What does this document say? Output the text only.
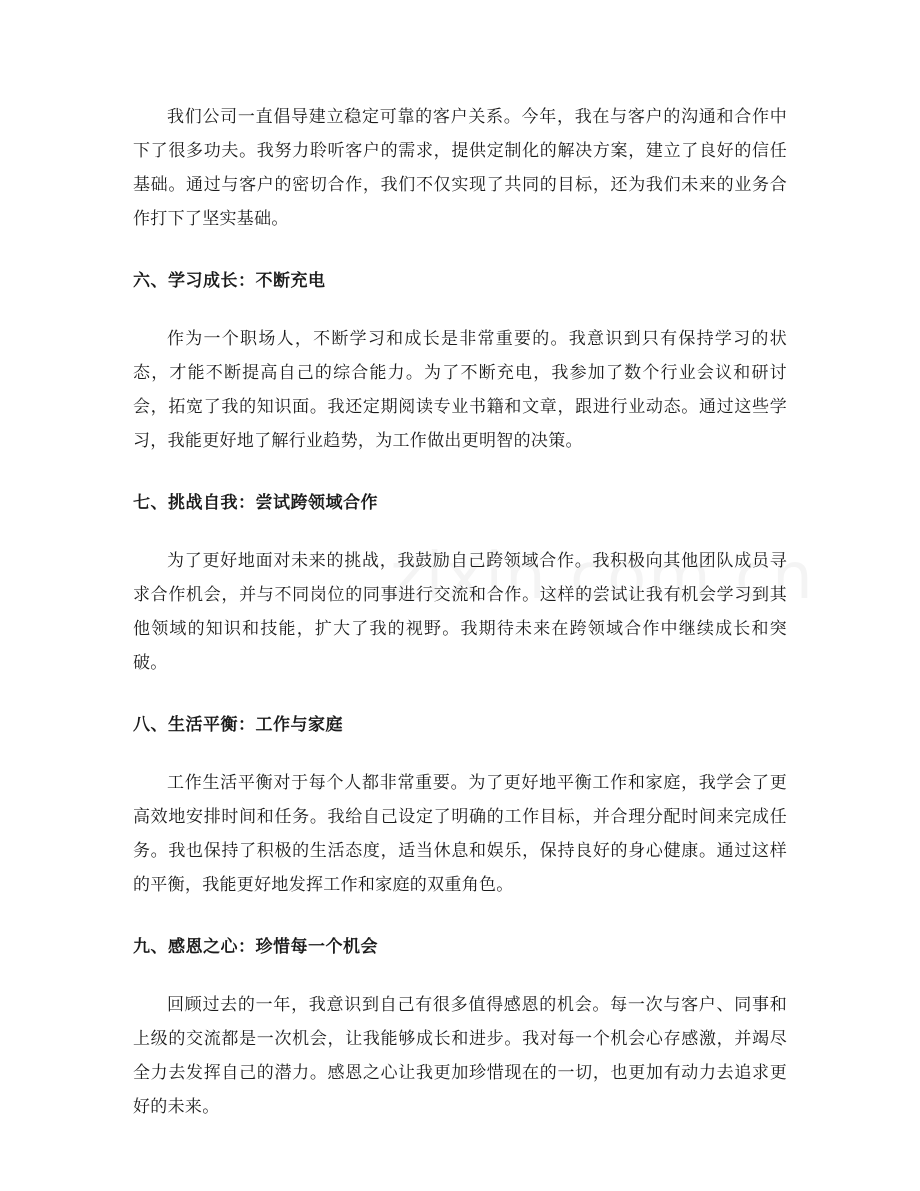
我们公司一直倡导建立稳定可靠的客户关系。今年，我在与客户的沟通和合作中下了很多功夫。我努力聆听客户的需求，提供定制化的解决方案，建立了良好的信任基础。通过与客户的密切合作，我们不仅实现了共同的目标，还为我们未来的业务合作打下了坚实基础。

六、学习成长：不断充电

作为一个职场人，不断学习和成长是非常重要的。我意识到只有保持学习的状态，才能不断提高自己的综合能力。为了不断充电，我参加了数个行业会议和研讨会，拓宽了我的知识面。我还定期阅读专业书籍和文章，跟进行业动态。通过这些学习，我能更好地了解行业趋势，为工作做出更明智的决策。

七、挑战自我：尝试跨领域合作

为了更好地面对未来的挑战，我鼓励自己跨领域合作。我积极向其他团队成员寻求合作机会，并与不同岗位的同事进行交流和合作。这样的尝试让我有机会学习到其他领域的知识和技能，扩大了我的视野。我期待未来在跨领域合作中继续成长和突破。

八、生活平衡：工作与家庭

工作生活平衡对于每个人都非常重要。为了更好地平衡工作和家庭，我学会了更高效地安排时间和任务。我给自己设定了明确的工作目标，并合理分配时间来完成任务。我也保持了积极的生活态度，适当休息和娱乐，保持良好的身心健康。通过这样的平衡，我能更好地发挥工作和家庭的双重角色。

九、感恩之心：珍惜每一个机会

回顾过去的一年，我意识到自己有很多值得感恩的机会。每一次与客户、同事和上级的交流都是一次机会，让我能够成长和进步。我对每一个机会心存感激，并竭尽全力去发挥自己的潜力。感恩之心让我更加珍惜现在的一切，也更加有动力去追求更好的未来。
